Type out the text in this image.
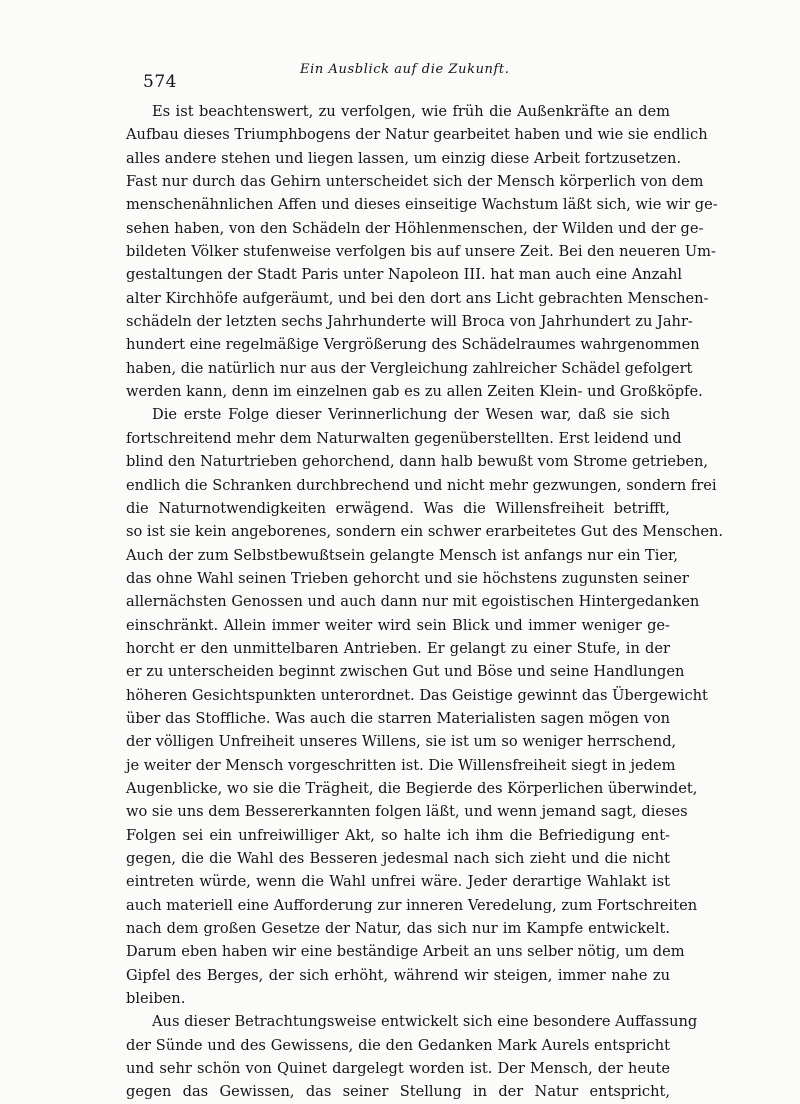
574
Ein Ausblick auf die Zukunft.
Es ist beachtenswert, zu verfolgen, wie früh die Außenkräfte an dem
Aufbau dieses Triumphbogens der Natur gearbeitet haben und wie sie endlich
alles andere stehen und liegen lassen, um einzig diese Arbeit fortzusetzen.
Fast nur durch das Gehirn unterscheidet sich der Mensch körperlich von dem
menschenähnlichen Affen und dieses einseitige Wachstum läßt sich, wie wir ge-
sehen haben, von den Schädeln der Höhlenmenschen, der Wilden und der ge-
bildeten Völker stufenweise verfolgen bis auf unsere Zeit. Bei den neueren Um-
gestaltungen der Stadt Paris unter Napoleon III. hat man auch eine Anzahl
alter Kirchhöfe aufgeräumt, und bei den dort ans Licht gebrachten Menschen-
schädeln der letzten sechs Jahrhunderte will Broca von Jahrhundert zu Jahr-
hundert eine regelmäßige Vergrößerung des Schädelraumes wahrgenommen
haben, die natürlich nur aus der Vergleichung zahlreicher Schädel gefolgert
werden kann, denn im einzelnen gab es zu allen Zeiten Klein- und Großköpfe.
Die erste Folge dieser Verinnerlichung der Wesen war, daß sie sich
fortschreitend mehr dem Naturwalten gegenüberstellten. Erst leidend und
blind den Naturtrieben gehorchend, dann halb bewußt vom Strome getrieben,
endlich die Schranken durchbrechend und nicht mehr gezwungen, sondern frei
die Naturnotwendigkeiten erwägend. Was die Willensfreiheit betrifft,
so ist sie kein angeborenes, sondern ein schwer erarbeitetes Gut des Menschen.
Auch der zum Selbstbewußtsein gelangte Mensch ist anfangs nur ein Tier,
das ohne Wahl seinen Trieben gehorcht und sie höchstens zugunsten seiner
allernächsten Genossen und auch dann nur mit egoistischen Hintergedanken
einschränkt. Allein immer weiter wird sein Blick und immer weniger ge-
horcht er den unmittelbaren Antrieben. Er gelangt zu einer Stufe, in der
er zu unterscheiden beginnt zwischen Gut und Böse und seine Handlungen
höheren Gesichtspunkten unterordnet. Das Geistige gewinnt das Übergewicht
über das Stoffliche. Was auch die starren Materialisten sagen mögen von
der völligen Unfreiheit unseres Willens, sie ist um so weniger herrschend,
je weiter der Mensch vorgeschritten ist. Die Willensfreiheit siegt in jedem
Augenblicke, wo sie die Trägheit, die Begierde des Körperlichen überwindet,
wo sie uns dem Bessererkannten folgen läßt, und wenn jemand sagt, dieses
Folgen sei ein unfreiwilliger Akt, so halte ich ihm die Befriedigung ent-
gegen, die die Wahl des Besseren jedesmal nach sich zieht und die nicht
eintreten würde, wenn die Wahl unfrei wäre. Jeder derartige Wahlakt ist
auch materiell eine Aufforderung zur inneren Veredelung, zum Fortschreiten
nach dem großen Gesetze der Natur, das sich nur im Kampfe entwickelt.
Darum eben haben wir eine beständige Arbeit an uns selber nötig, um dem
Gipfel des Berges, der sich erhöht, während wir steigen, immer nahe zu
bleiben.
Aus dieser Betrachtungsweise entwickelt sich eine besondere Auffassung
der Sünde und des Gewissens, die den Gedanken Mark Aurels entspricht
und sehr schön von Quinet dargelegt worden ist. Der Mensch, der heute
gegen das Gewissen, das seiner Stellung in der Natur entspricht,
